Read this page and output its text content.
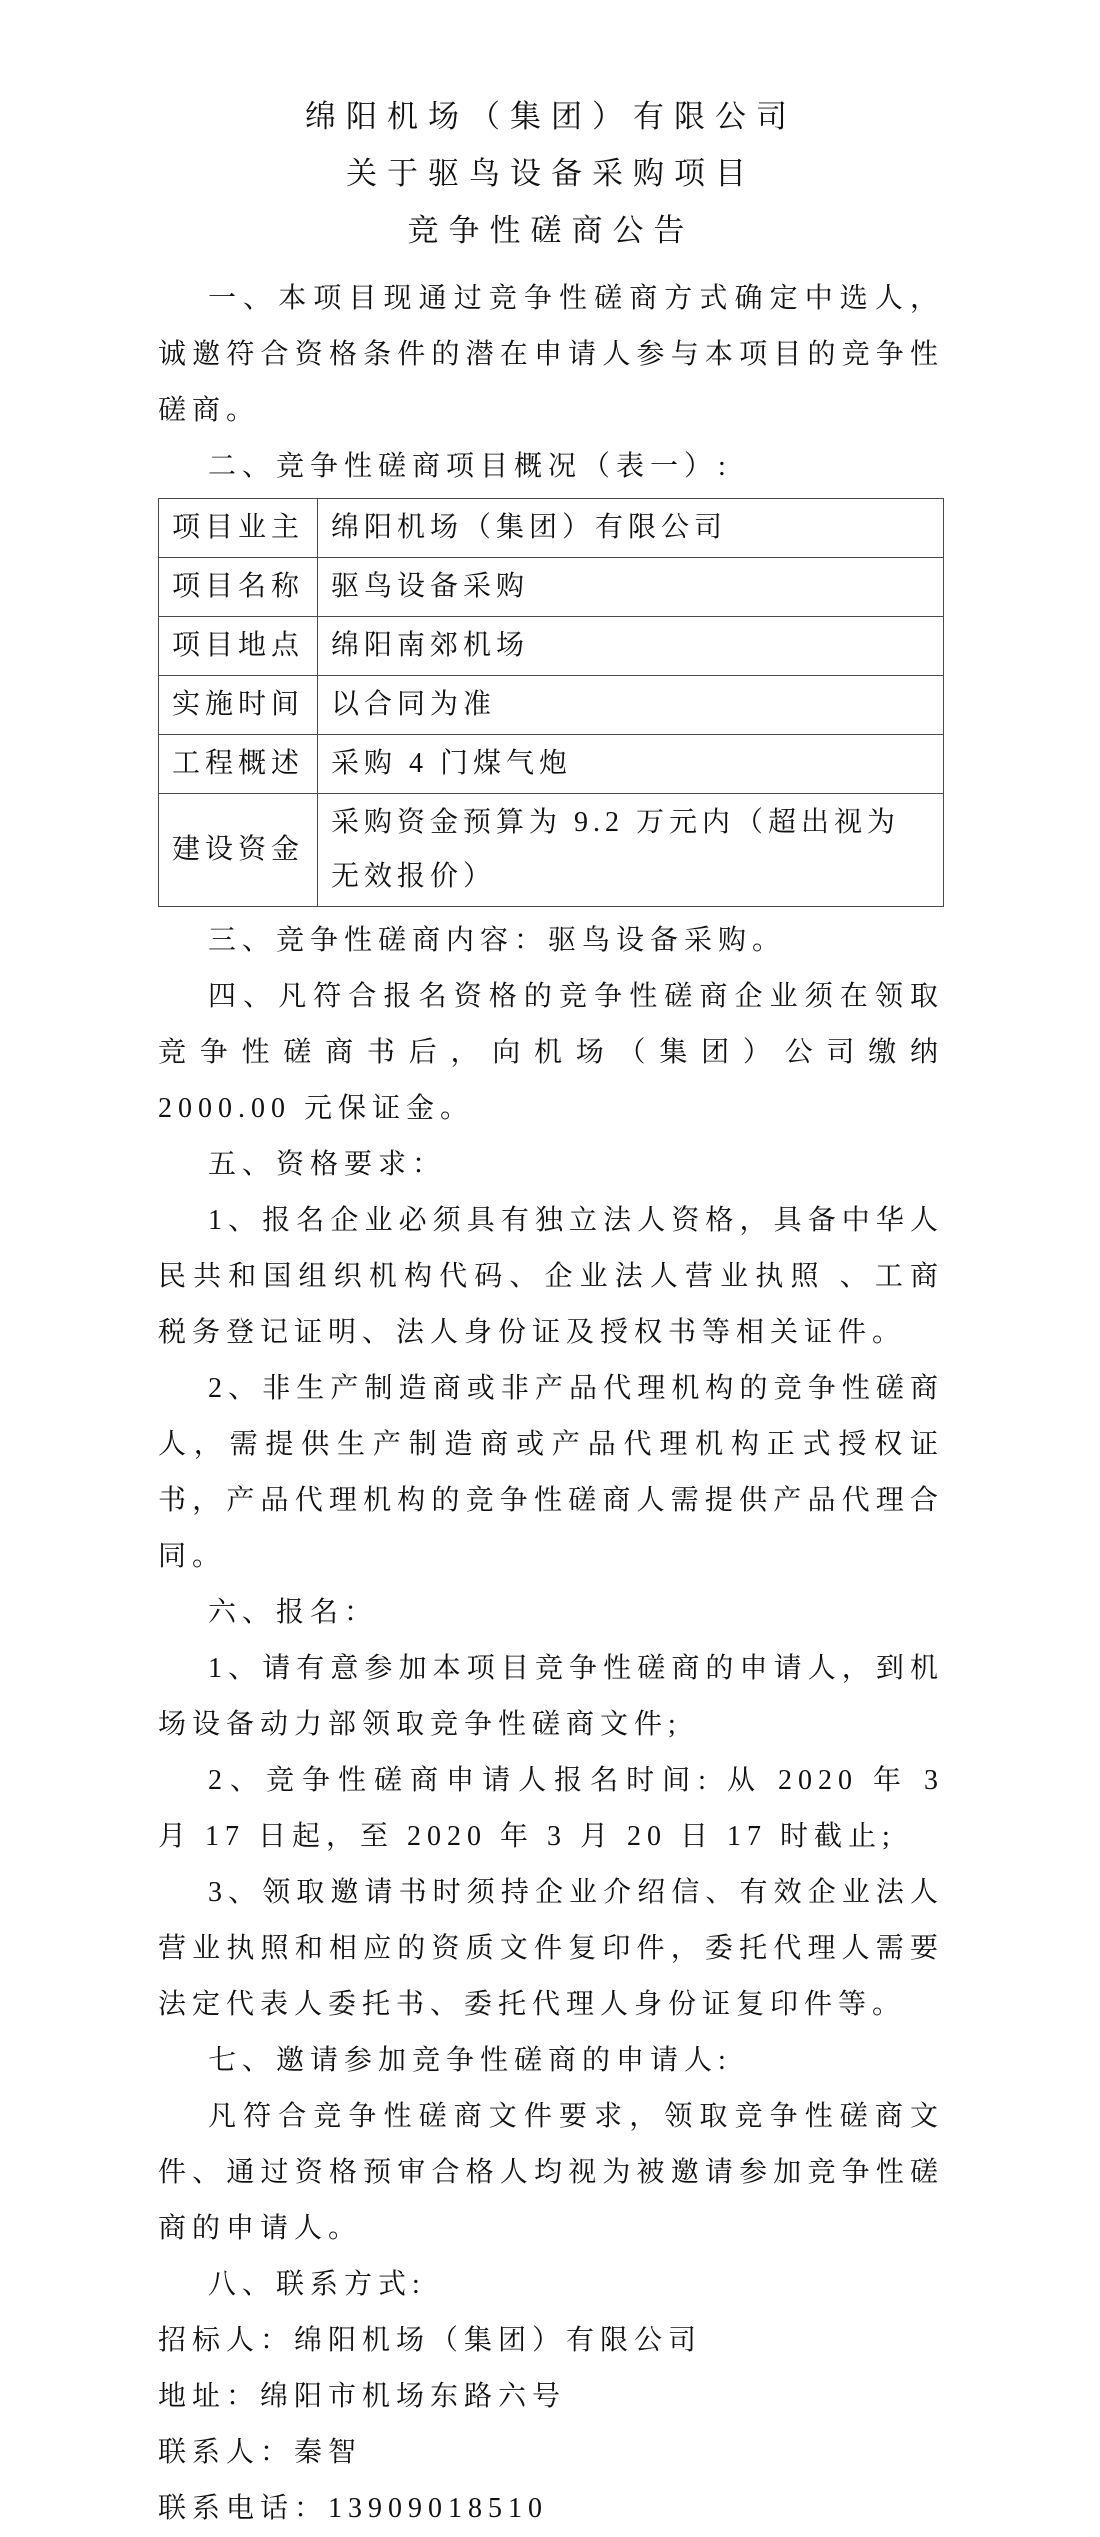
绵阳机场（集团）有限公司
关于驱鸟设备采购项目
竞争性磋商公告

一、本项目现通过竞争性磋商方式确定中选人，诚邀符合资格条件的潜在申请人参与本项目的竞争性磋商。

二、竞争性磋商项目概况（表一）:

项目业主	绵阳机场（集团）有限公司
项目名称	驱鸟设备采购
项目地点	绵阳南郊机场
实施时间	以合同为准
工程概述	采购 4 门煤气炮
建设资金	采购资金预算为 9.2 万元内（超出视为无效报价）

三、竞争性磋商内容：驱鸟设备采购。

四、凡符合报名资格的竞争性磋商企业须在领取竞争性磋商书后，向机场（集团）公司缴纳 2000.00 元保证金。

五、资格要求：

1、报名企业必须具有独立法人资格，具备中华人民共和国组织机构代码、企业法人营业执照 、工商税务登记证明、法人身份证及授权书等相关证件。

2、非生产制造商或非产品代理机构的竞争性磋商人，需提供生产制造商或产品代理机构正式授权证书，产品代理机构的竞争性磋商人需提供产品代理合同。

六、报名：

1、请有意参加本项目竞争性磋商的申请人，到机场设备动力部领取竞争性磋商文件;

2、竞争性磋商申请人报名时间: 从 2020 年 3 月 17 日起，至 2020 年 3 月 20 日 17 时截止;

3、领取邀请书时须持企业介绍信、有效企业法人营业执照和相应的资质文件复印件，委托代理人需要法定代表人委托书、委托代理人身份证复印件等。

七、邀请参加竞争性磋商的申请人:

凡符合竞争性磋商文件要求，领取竞争性磋商文件、通过资格预审合格人均视为被邀请参加竞争性磋商的申请人。

八、联系方式:

招标人：绵阳机场（集团）有限公司

地址：绵阳市机场东路六号

联系人：秦智

联系电话：13909018510
